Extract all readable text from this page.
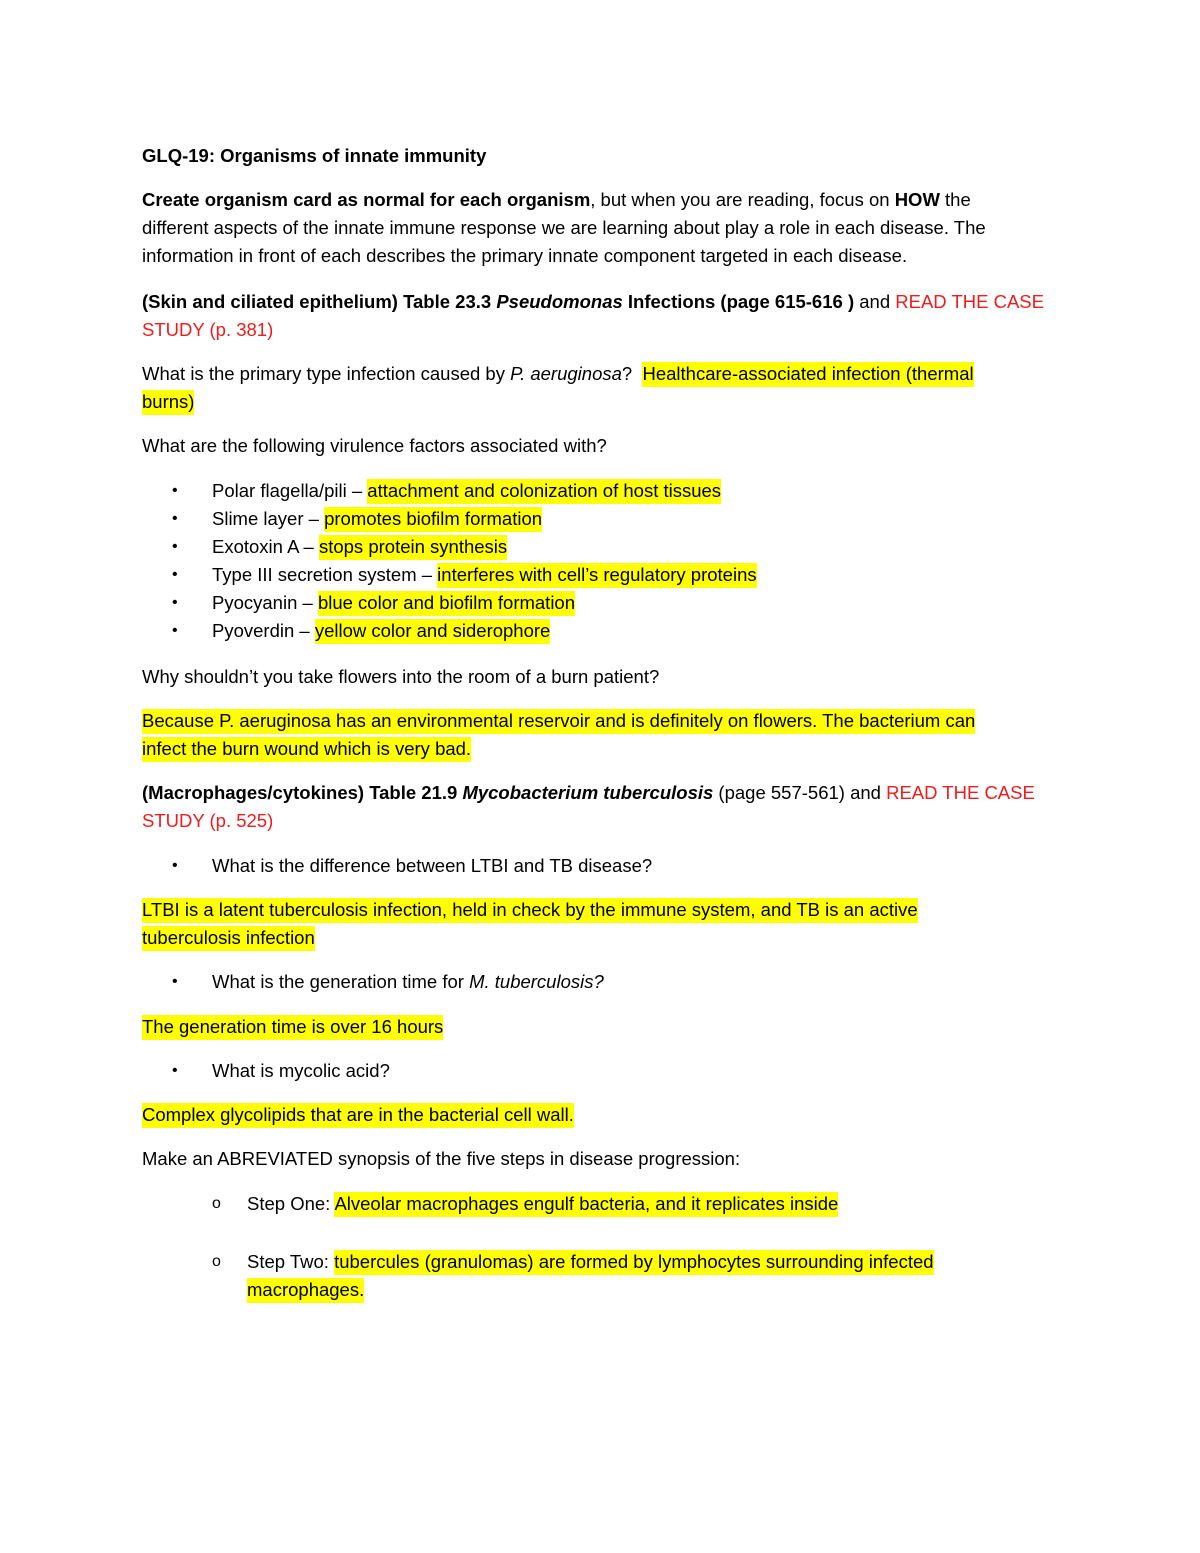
GLQ-19: Organisms of innate immunity
Create organism card as normal for each organism, but when you are reading, focus on HOW the
different aspects of the innate immune response we are learning about play a role in each disease. The
information in front of each describes the primary innate component targeted in each disease.
(Skin and ciliated epithelium) Table 23.3 Pseudomonas Infections (page 615-616 ) and READ THE CASE
STUDY (p. 381)
What is the primary type infection caused by P. aeruginosa? Healthcare-associated infection (thermal
burns)
What are the following virulence factors associated with?
• Polar flagella/pili – attachment and colonization of host tissues
• Slime layer – promotes biofilm formation
• Exotoxin A – stops protein synthesis
• Type III secretion system – interferes with cell’s regulatory proteins
• Pyocyanin – blue color and biofilm formation
• Pyoverdin – yellow color and siderophore
Why shouldn’t you take flowers into the room of a burn patient?
Because P. aeruginosa has an environmental reservoir and is definitely on flowers. The bacterium can
infect the burn wound which is very bad.
(Macrophages/cytokines) Table 21.9 Mycobacterium tuberculosis (page 557-561) and READ THE CASE
STUDY (p. 525)
• What is the difference between LTBI and TB disease?
LTBI is a latent tuberculosis infection, held in check by the immune system, and TB is an active
tuberculosis infection
• What is the generation time for M. tuberculosis?
The generation time is over 16 hours
• What is mycolic acid?
Complex glycolipids that are in the bacterial cell wall.
Make an ABREVIATED synopsis of the five steps in disease progression:
o Step One: Alveolar macrophages engulf bacteria, and it replicates inside
o Step Two: tubercules (granulomas) are formed by lymphocytes surrounding infected
macrophages.
